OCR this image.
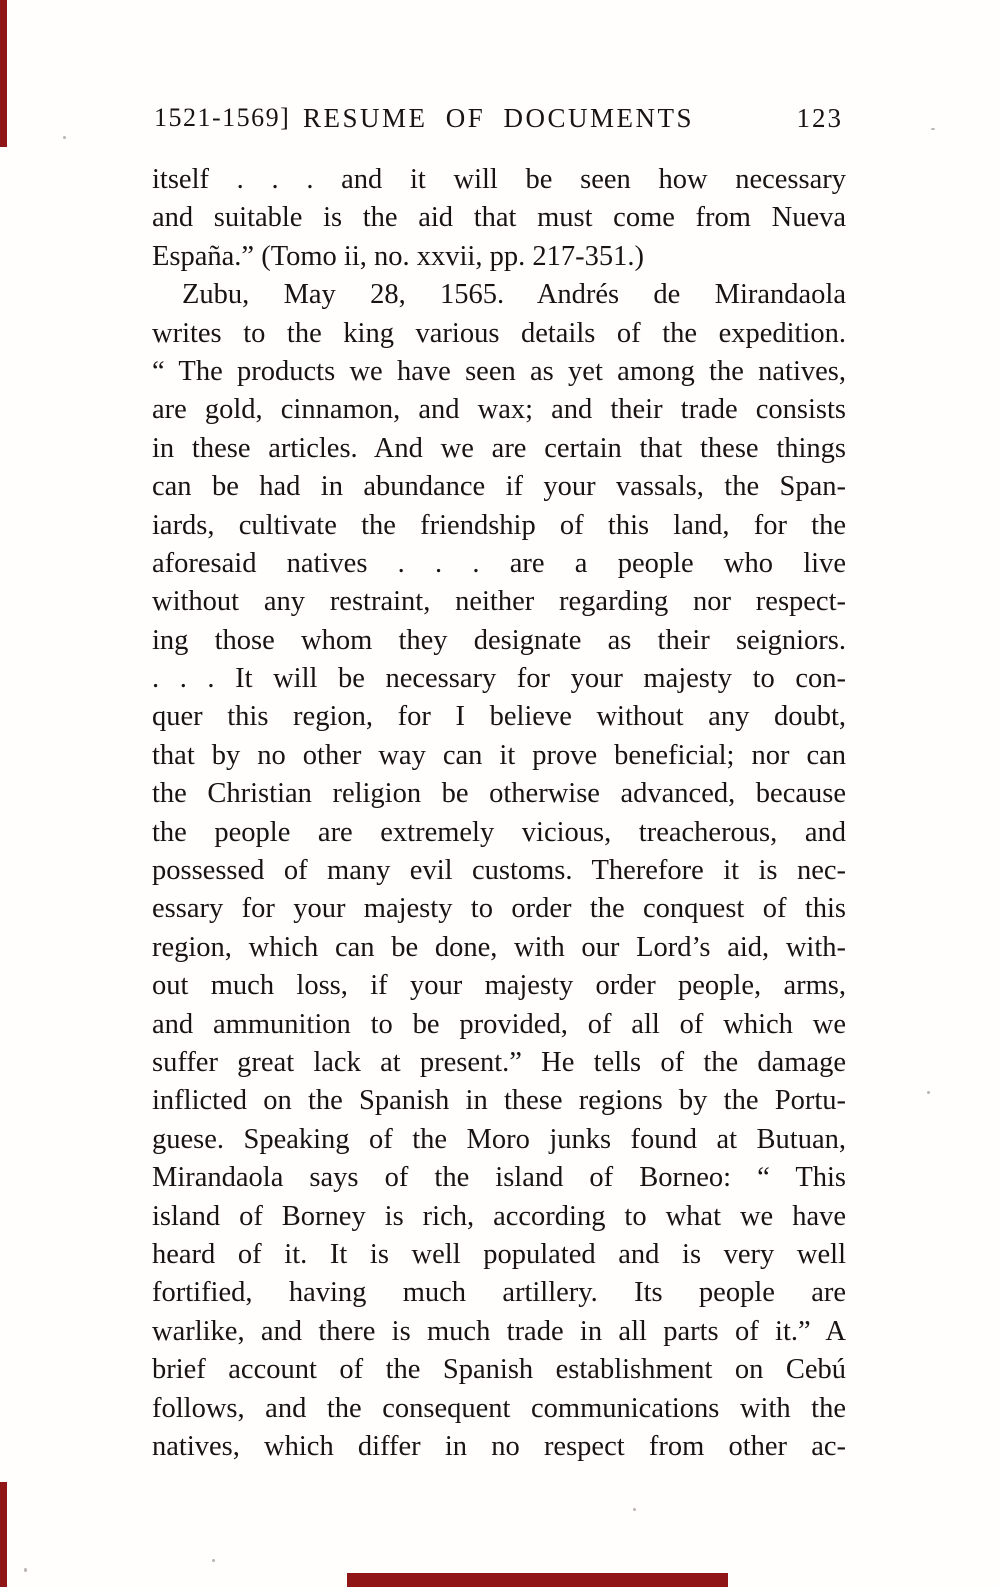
1521-1569] RESUME OF DOCUMENTS	123
itself . . . and it will be seen how necessary
and suitable is the aid that must come from Nueva
España.” (Tomo ii, no. xxvii, pp. 217-351.)
Zubu, May 28, 1565. Andrés de Mirandaola
writes to the king various details of the expedition.
“ The products we have seen as yet among the natives,
are gold, cinnamon, and wax; and their trade consists
in these articles. And we are certain that these things
can be had in abundance if your vassals, the Span-
iards, cultivate the friendship of this land, for the
aforesaid natives . . . are a people who live
without any restraint, neither regarding nor respect-
ing those whom they designate as their seigniors.
. . . It will be necessary for your majesty to con-
quer this region, for I believe without any doubt,
that by no other way can it prove beneficial; nor can
the Christian religion be otherwise advanced, because
the people are extremely vicious, treacherous, and
possessed of many evil customs. Therefore it is nec-
essary for your majesty to order the conquest of this
region, which can be done, with our Lord’s aid, with-
out much loss, if your majesty order people, arms,
and ammunition to be provided, of all of which we
suffer great lack at present.” He tells of the damage
inflicted on the Spanish in these regions by the Portu-
guese. Speaking of the Moro junks found at Butuan,
Mirandaola says of the island of Borneo: “ This
island of Borney is rich, according to what we have
heard of it. It is well populated and is very well
fortified, having much artillery. Its people are
warlike, and there is much trade in all parts of it.” A
brief account of the Spanish establishment on Cebú
follows, and the consequent communications with the
natives, which differ in no respect from other ac-
